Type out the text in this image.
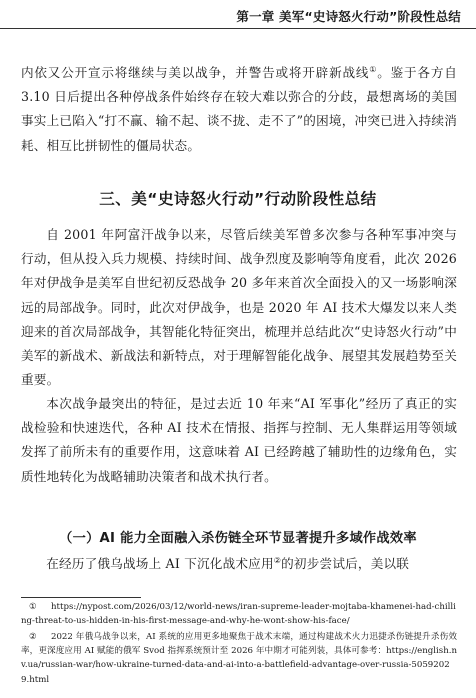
第一章 美军“史诗怒火行动”阶段性总结

内依又公开宣示将继续与美以战争，并警告或将开辟新战线①。鉴于各方自 3.10 日后提出各种停战条件始终存在较大难以弥合的分歧，最想离场的美国事实上已陷入“打不赢、输不起、谈不拢、走不了”的困境，冲突已进入持续消耗、相互比拼韧性的僵局状态。

三、美“史诗怒火行动”行动阶段性总结

自 2001 年阿富汗战争以来，尽管后续美军曾多次参与各种军事冲突与行动，但从投入兵力规模、持续时间、战争烈度及影响等角度看，此次 2026 年对伊战争是美军自世纪初反恐战争 20 多年来首次全面投入的又一场影响深远的局部战争。同时，此次对伊战争，也是 2020 年 AI 技术大爆发以来人类迎来的首次局部战争，其智能化特征突出，梳理并总结此次“史诗怒火行动”中美军的新战术、新战法和新特点，对于理解智能化战争、展望其发展趋势至关重要。

本次战争最突出的特征，是过去近 10 年来“AI 军事化”经历了真正的实战检验和快速迭代，各种 AI 技术在情报、指挥与控制、无人集群运用等领域发挥了前所未有的重要作用，这意味着 AI 已经跨越了辅助性的边缘角色，实质性地转化为战略辅助决策者和战术执行者。

（一）AI 能力全面融入杀伤链全环节显著提升多域作战效率

在经历了俄乌战场上 AI 下沉化战术应用②的初步尝试后，美以联

① https://nypost.com/2026/03/12/world-news/iran-supreme-leader-mojtaba-khamenei-had-chilling-threat-to-us-hidden-in-his-first-message-and-why-he-wont-show-his-face/

② 2022 年俄乌战争以来，AI 系统的应用更多地聚焦于战术末端，通过构建战术火力迅捷杀伤链提升杀伤效率，更深度应用 AI 赋能的俄军 Svod 指挥系统预计至 2026 年中期才可能列装，具体可参考：https://english.nv.ua/russian-war/how-ukraine-turned-data-and-ai-into-a-battlefield-advantage-over-russia-50592029.html
